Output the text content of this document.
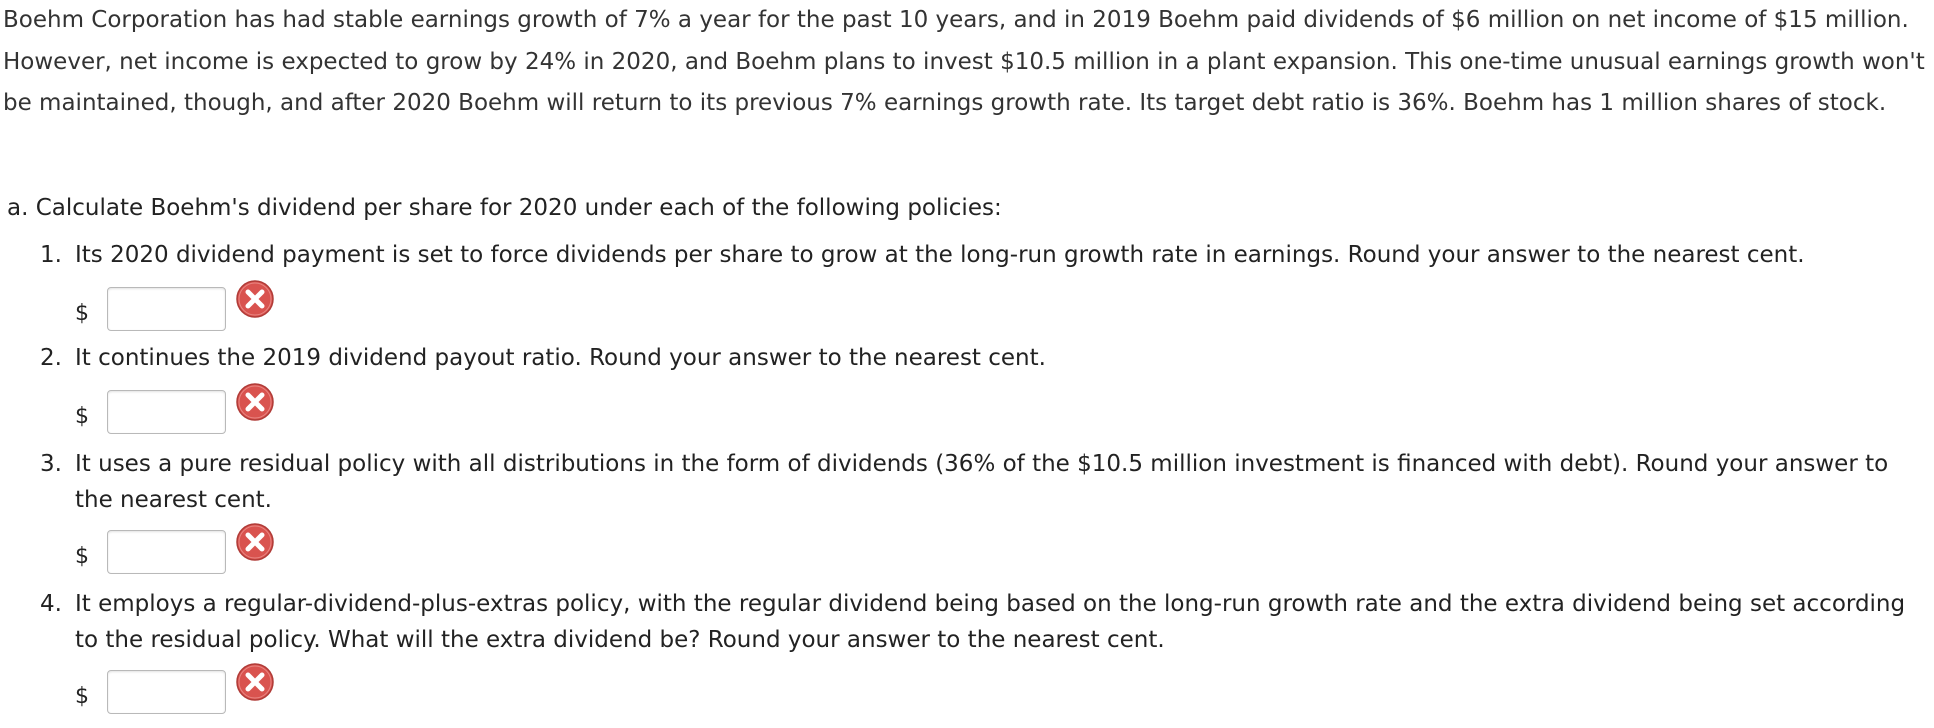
Boehm Corporation has had stable earnings growth of 7% a year for the past 10 years, and in 2019 Boehm paid dividends of $6 million on net income of $15 million. However, net income is expected to grow by 24% in 2020, and Boehm plans to invest $10.5 million in a plant expansion. This one-time unusual earnings growth won't be maintained, though, and after 2020 Boehm will return to its previous 7% earnings growth rate. Its target debt ratio is 36%. Boehm has 1 million shares of stock.

a. Calculate Boehm's dividend per share for 2020 under each of the following policies:

1. Its 2020 dividend payment is set to force dividends per share to grow at the long-run growth rate in earnings. Round your answer to the nearest cent.
$
2. It continues the 2019 dividend payout ratio. Round your answer to the nearest cent.
$
3. It uses a pure residual policy with all distributions in the form of dividends (36% of the $10.5 million investment is financed with debt). Round your answer to the nearest cent.
$
4. It employs a regular-dividend-plus-extras policy, with the regular dividend being based on the long-run growth rate and the extra dividend being set according to the residual policy. What will the extra dividend be? Round your answer to the nearest cent.
$
